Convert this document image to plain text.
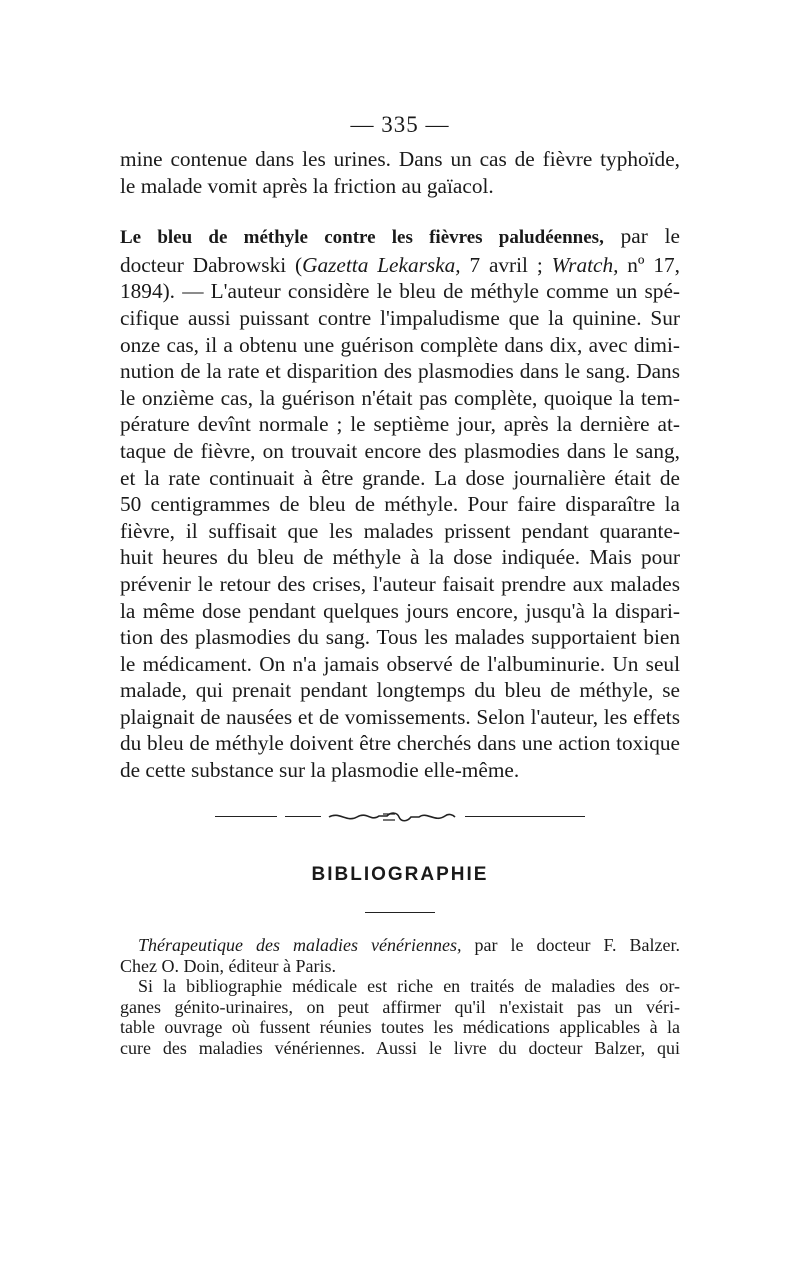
— 335 —

mine contenue dans les urines. Dans un cas de fièvre typhoïde,
le malade vomit après la friction au gaïacol.

Le bleu de méthyle contre les fièvres paludéennes, par le
docteur Dabrowski (Gazetta Lekarska, 7 avril ; Wratch, nº 17,
1894). — L'auteur considère le bleu de méthyle comme un spé-
cifique aussi puissant contre l'impaludisme que la quinine. Sur
onze cas, il a obtenu une guérison complète dans dix, avec dimi-
nution de la rate et disparition des plasmodies dans le sang. Dans
le onzième cas, la guérison n'était pas complète, quoique la tem-
pérature devînt normale ; le septième jour, après la dernière at-
taque de fièvre, on trouvait encore des plasmodies dans le sang,
et la rate continuait à être grande. La dose journalière était de
50 centigrammes de bleu de méthyle. Pour faire disparaître la
fièvre, il suffisait que les malades prissent pendant quarante-
huit heures du bleu de méthyle à la dose indiquée. Mais pour
prévenir le retour des crises, l'auteur faisait prendre aux malades
la même dose pendant quelques jours encore, jusqu'à la dispari-
tion des plasmodies du sang. Tous les malades supportaient bien
le médicament. On n'a jamais observé de l'albuminurie. Un seul
malade, qui prenait pendant longtemps du bleu de méthyle, se
plaignait de nausées et de vomissements. Selon l'auteur, les effets
du bleu de méthyle doivent être cherchés dans une action toxique
de cette substance sur la plasmodie elle-même.

BIBLIOGRAPHIE
Thérapeutique des maladies vénériennes, par le docteur F. Balzer.
Chez O. Doin, éditeur à Paris.
Si la bibliographie médicale est riche en traités de maladies des or-
ganes génito-urinaires, on peut affirmer qu'il n'existait pas un véri-
table ouvrage où fussent réunies toutes les médications applicables à la
cure des maladies vénériennes. Aussi le livre du docteur Balzer, qui
